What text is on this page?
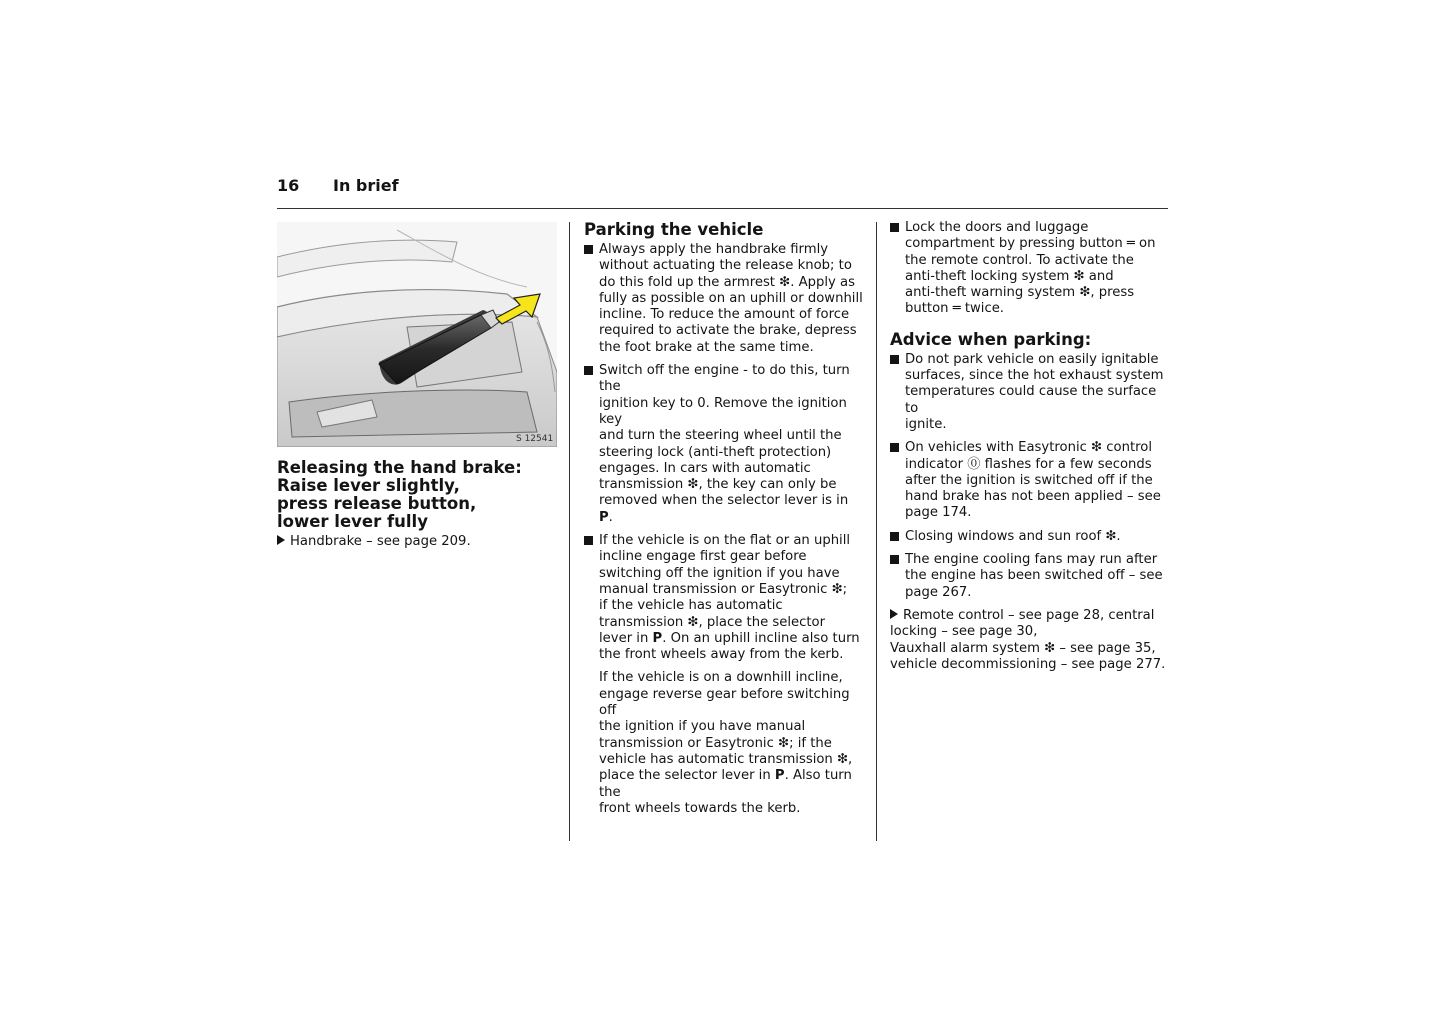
16 In brief
S 12541
Releasing the hand brake:
Raise lever slightly,
press release button,
lower lever fully
Handbrake – see page 209.
Parking the vehicle
Always apply the handbrake firmly
without actuating the release knob; to
do this fold up the armrest ❇. Apply as
fully as possible on an uphill or downhill
incline. To reduce the amount of force
required to activate the brake, depress
the foot brake at the same time.
Switch off the engine - to do this, turn the
ignition key to 0. Remove the ignition key
and turn the steering wheel until the
steering lock (anti-theft protection)
engages. In cars with automatic
transmission ❇, the key can only be
removed when the selector lever is in P.
If the vehicle is on the flat or an uphill
incline engage first gear before
switching off the ignition if you have
manual transmission or Easytronic ❇;
if the vehicle has automatic
transmission ❇, place the selector
lever in P. On an uphill incline also turn
the front wheels away from the kerb.
If the vehicle is on a downhill incline,
engage reverse gear before switching off
the ignition if you have manual
transmission or Easytronic ❇; if the
vehicle has automatic transmission ❇,
place the selector lever in P. Also turn the
front wheels towards the kerb.
Lock the doors and luggage
compartment by pressing button ═ on
the remote control. To activate the
anti-theft locking system ❇ and
anti-theft warning system ❇, press
button ═ twice.
Advice when parking:
Do not park vehicle on easily ignitable
surfaces, since the hot exhaust system
temperatures could cause the surface to
ignite.
On vehicles with Easytronic ❇ control
indicator ⓪ flashes for a few seconds
after the ignition is switched off if the
hand brake has not been applied – see
page 174.
Closing windows and sun roof ❇.
The engine cooling fans may run after
the engine has been switched off – see
page 267.
Remote control – see page 28, central
locking – see page 30,
Vauxhall alarm system ❇ – see page 35,
vehicle decommissioning – see page 277.
